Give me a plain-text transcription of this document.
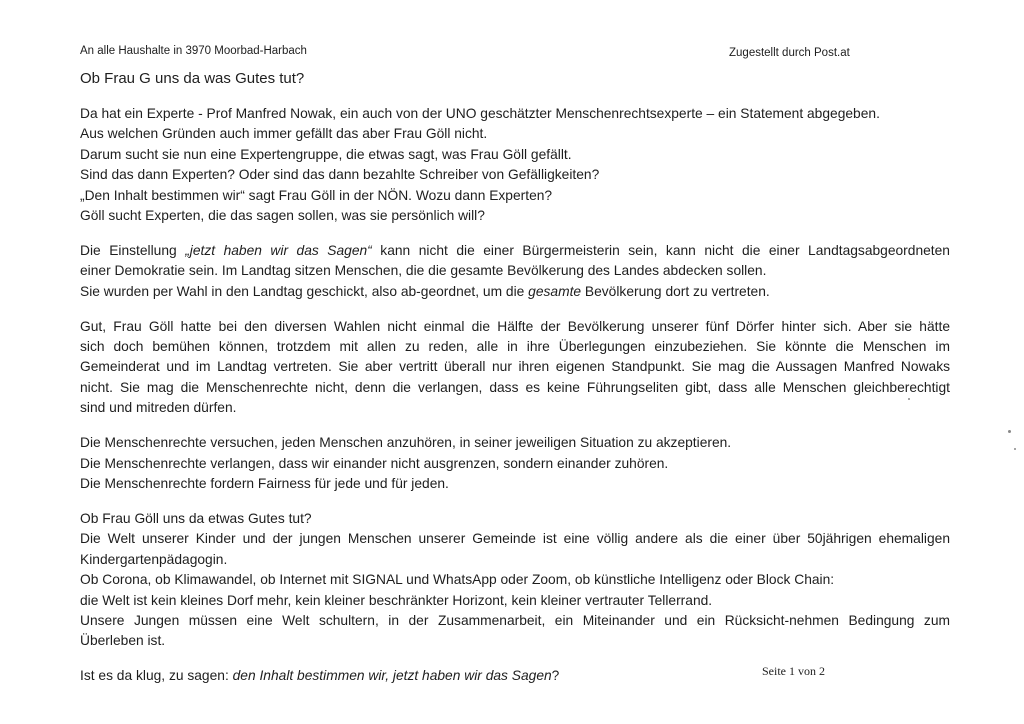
An alle Haushalte in 3970 Moorbad-Harbach	Zugestellt durch Post.at
Ob Frau G uns da was Gutes tut?

Da hat ein Experte - Prof Manfred Nowak, ein auch von der UNO geschätzter Menschenrechtsexperte – ein Statement abgegeben.
Aus welchen Gründen auch immer gefällt das aber Frau Göll nicht.
Darum sucht sie nun eine Expertengruppe, die etwas sagt, was Frau Göll gefällt.
Sind das dann Experten? Oder sind das dann bezahlte Schreiber von Gefälligkeiten?
„Den Inhalt bestimmen wir“ sagt Frau Göll in der NÖN. Wozu dann Experten?
Göll sucht Experten, die das sagen sollen, was sie persönlich will?

Die Einstellung „jetzt haben wir das Sagen“ kann nicht die einer Bürgermeisterin sein, kann nicht die einer Landtagsabgeordneten
einer Demokratie sein. Im Landtag sitzen Menschen, die die gesamte Bevölkerung des Landes abdecken sollen.
Sie wurden per Wahl in den Landtag geschickt, also ab-geordnet, um die gesamte Bevölkerung dort zu vertreten.

Gut, Frau Göll hatte bei den diversen Wahlen nicht einmal die Hälfte der Bevölkerung unserer fünf Dörfer hinter sich. Aber sie hätte
sich doch bemühen können, trotzdem mit allen zu reden, alle in ihre Überlegungen einzubeziehen. Sie könnte die Menschen im
Gemeinderat und im Landtag vertreten. Sie aber vertritt überall nur ihren eigenen Standpunkt. Sie mag die Aussagen Manfred Nowaks
nicht. Sie mag die Menschenrechte nicht, denn die verlangen, dass es keine Führungseliten gibt, dass alle Menschen gleichberechtigt
sind und mitreden dürfen.

Die Menschenrechte versuchen, jeden Menschen anzuhören, in seiner jeweiligen Situation zu akzeptieren.
Die Menschenrechte verlangen, dass wir einander nicht ausgrenzen, sondern einander zuhören.
Die Menschenrechte fordern Fairness für jede und für jeden.

Ob Frau Göll uns da etwas Gutes tut?
Die Welt unserer Kinder und der jungen Menschen unserer Gemeinde ist eine völlig andere als die einer über 50jährigen ehemaligen
Kindergartenpädagogin.
Ob Corona, ob Klimawandel, ob Internet mit SIGNAL und WhatsApp oder Zoom, ob künstliche Intelligenz oder Block Chain:
die Welt ist kein kleines Dorf mehr, kein kleiner beschränkter Horizont, kein kleiner vertrauter Tellerrand.
Unsere Jungen müssen eine Welt schultern, in der Zusammenarbeit, ein Miteinander und ein Rücksicht-nehmen Bedingung zum
Überleben ist.

Ist es da klug, zu sagen: den Inhalt bestimmen wir, jetzt haben wir das Sagen?	Seite 1 von 2
